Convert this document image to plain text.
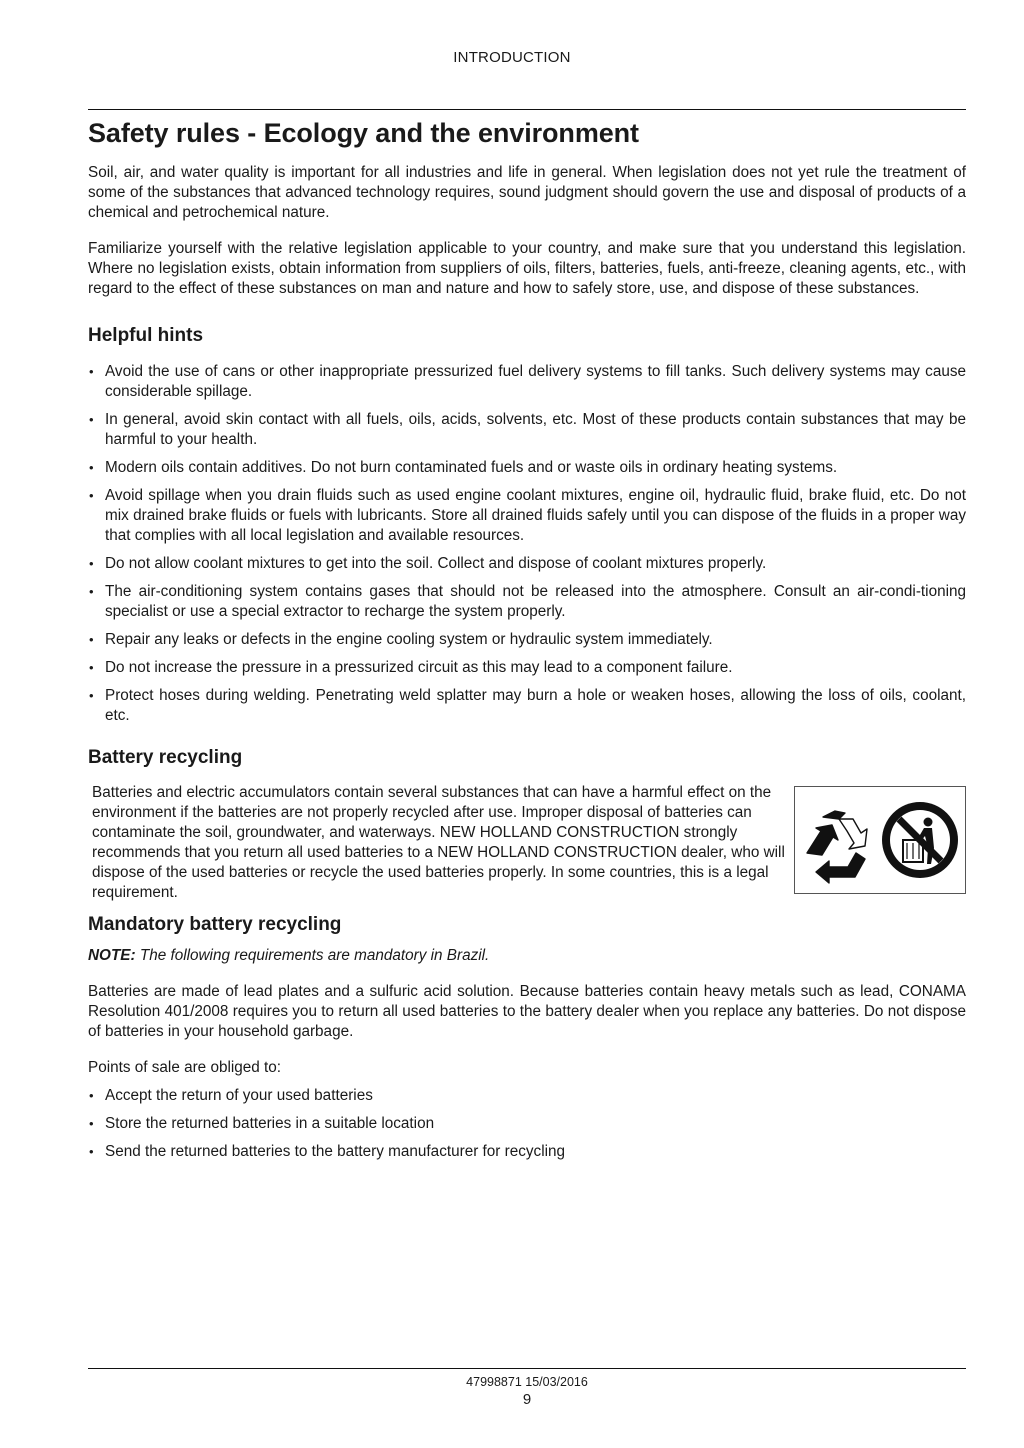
INTRODUCTION
Safety rules - Ecology and the environment

Soil, air, and water quality is important for all industries and life in general. When legislation does not yet rule the treatment of some of the substances that advanced technology requires, sound judgment should govern the use and disposal of products of a chemical and petrochemical nature.

Familiarize yourself with the relative legislation applicable to your country, and make sure that you understand this legislation. Where no legislation exists, obtain information from suppliers of oils, filters, batteries, fuels, anti-freeze, cleaning agents, etc., with regard to the effect of these substances on man and nature and how to safely store, use, and dispose of these substances.

Helpful hints
• Avoid the use of cans or other inappropriate pressurized fuel delivery systems to fill tanks. Such delivery systems may cause considerable spillage.
• In general, avoid skin contact with all fuels, oils, acids, solvents, etc. Most of these products contain substances that may be harmful to your health.
• Modern oils contain additives. Do not burn contaminated fuels and or waste oils in ordinary heating systems.
• Avoid spillage when you drain fluids such as used engine coolant mixtures, engine oil, hydraulic fluid, brake fluid, etc. Do not mix drained brake fluids or fuels with lubricants. Store all drained fluids safely until you can dispose of the fluids in a proper way that complies with all local legislation and available resources.
• Do not allow coolant mixtures to get into the soil. Collect and dispose of coolant mixtures properly.
• The air-conditioning system contains gases that should not be released into the atmosphere. Consult an air-condi-tioning specialist or use a special extractor to recharge the system properly.
• Repair any leaks or defects in the engine cooling system or hydraulic system immediately.
• Do not increase the pressure in a pressurized circuit as this may lead to a component failure.
• Protect hoses during welding. Penetrating weld splatter may burn a hole or weaken hoses, allowing the loss of oils, coolant, etc.
Battery recycling
Batteries and electric accumulators contain several substances that can have a harmful effect on the environment if the batteries are not properly recycled after use. Improper disposal of batteries can contaminate the soil, groundwater, and waterways. NEW HOLLAND CONSTRUCTION strongly recommends that you return all used batteries to a NEW HOLLAND CONSTRUCTION dealer, who will dispose of the used batteries or recycle the used batteries properly. In some countries, this is a legal requirement.
Mandatory battery recycling

NOTE: The following requirements are mandatory in Brazil.

Batteries are made of lead plates and a sulfuric acid solution. Because batteries contain heavy metals such as lead, CONAMA Resolution 401/2008 requires you to return all used batteries to the battery dealer when you replace any batteries. Do not dispose of batteries in your household garbage.

Points of sale are obliged to:

• Accept the return of your used batteries
• Store the returned batteries in a suitable location
• Send the returned batteries to the battery manufacturer for recycling
47998871 15/03/2016
9
